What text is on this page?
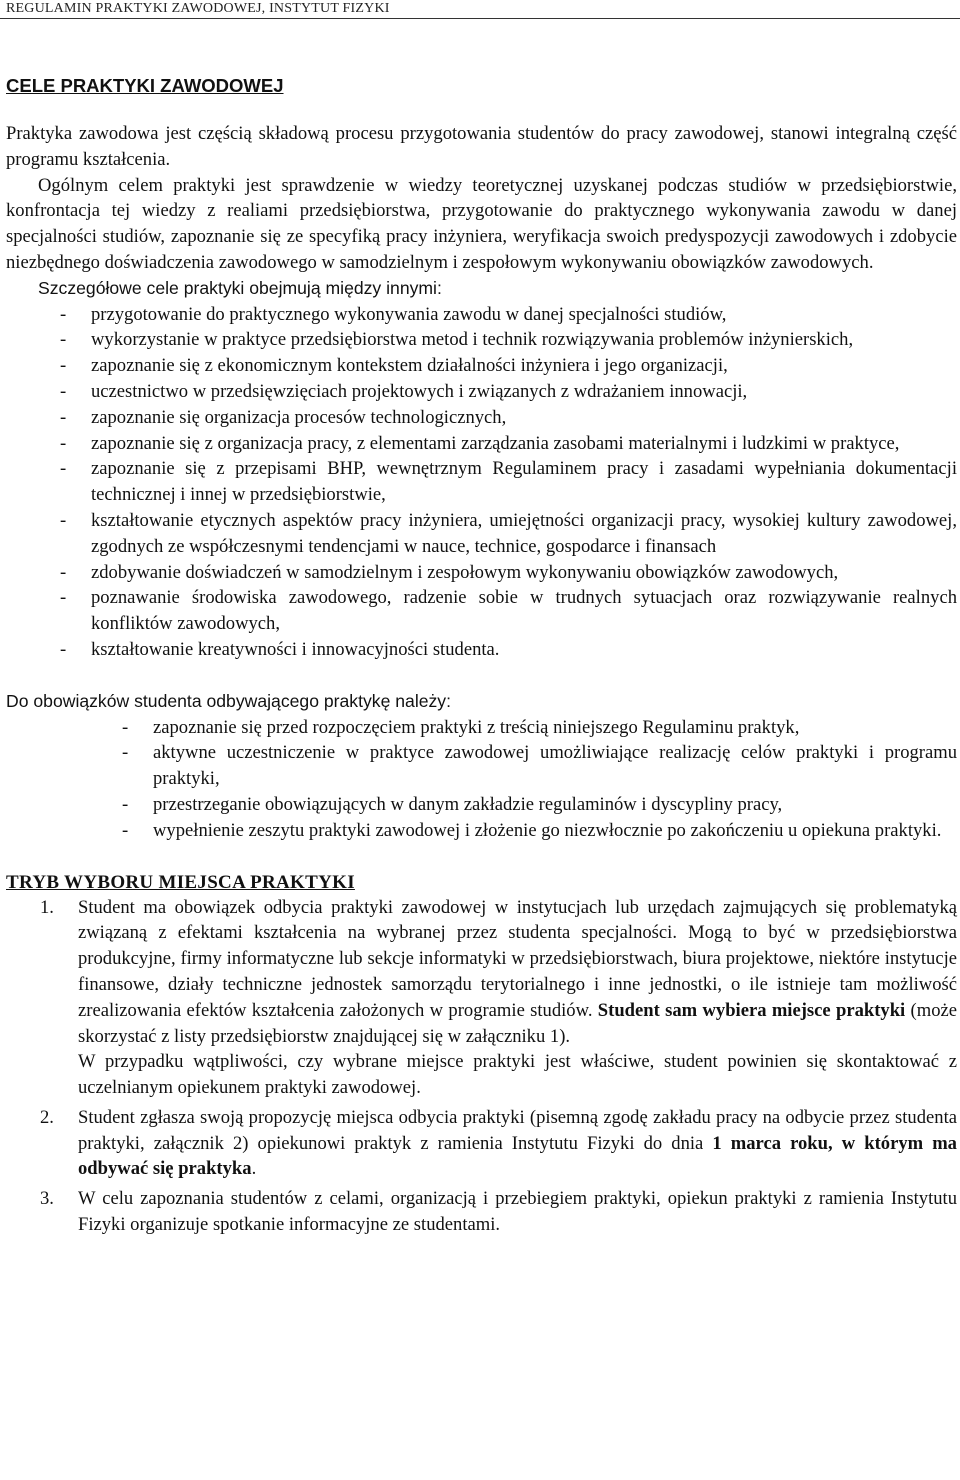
REGULAMIN PRAKTYKI ZAWODOWEJ, INSTYTUT FIZYKI
CELE PRAKTYKI ZAWODOWEJ

Praktyka zawodowa jest częścią składową procesu przygotowania studentów do pracy zawodowej, stanowi integralną część programu kształcenia.

Ogólnym celem praktyki jest sprawdzenie w wiedzy teoretycznej uzyskanej podczas studiów w przedsiębiorstwie, konfrontacja tej wiedzy z realiami przedsiębiorstwa, przygotowanie do praktycznego wykonywania zawodu w danej specjalności studiów, zapoznanie się ze specyfiką pracy inżyniera, weryfikacja swoich predyspozycji zawodowych i zdobycie niezbędnego doświadczenia zawodowego w samodzielnym i zespołowym wykonywaniu obowiązków zawodowych.

Szczegółowe cele praktyki obejmują między innymi:

- przygotowanie do praktycznego wykonywania zawodu w danej specjalności studiów,
- wykorzystanie w praktyce przedsiębiorstwa metod i technik rozwiązywania problemów inżynierskich,
- zapoznanie się z ekonomicznym kontekstem działalności inżyniera i jego organizacji,
- uczestnictwo w przedsięwzięciach projektowych i związanych z wdrażaniem innowacji,
- zapoznanie się organizacja procesów technologicznych,
- zapoznanie się z organizacja pracy, z elementami zarządzania zasobami materialnymi i ludzkimi w praktyce,
- zapoznanie się z przepisami BHP, wewnętrznym Regulaminem pracy i zasadami wypełniania dokumentacji technicznej i innej w przedsiębiorstwie,
- kształtowanie etycznych aspektów pracy inżyniera, umiejętności organizacji pracy, wysokiej kultury zawodowej, zgodnych ze współczesnymi tendencjami w nauce, technice, gospodarce i finansach
- zdobywanie doświadczeń w samodzielnym i zespołowym wykonywaniu obowiązków zawodowych,
- poznawanie środowiska zawodowego, radzenie sobie w trudnych sytuacjach oraz rozwiązywanie realnych konfliktów zawodowych,
- kształtowanie kreatywności i innowacyjności studenta.

Do obowiązków studenta odbywającego praktykę należy:

- zapoznanie się przed rozpoczęciem praktyki z treścią niniejszego Regulaminu praktyk,
- aktywne uczestniczenie w praktyce zawodowej umożliwiające realizację celów praktyki i programu praktyki,
- przestrzeganie obowiązujących w danym zakładzie regulaminów i dyscypliny pracy,
- wypełnienie zeszytu praktyki zawodowej i złożenie go niezwłocznie po zakończeniu u opiekuna praktyki.
TRYB WYBORU MIEJSCA PRAKTYKI
1. Student ma obowiązek odbycia praktyki zawodowej w instytucjach lub urzędach zajmujących się problematyką związaną z efektami kształcenia na wybranej przez studenta specjalności. Mogą to być w przedsiębiorstwa produkcyjne, firmy informatyczne lub sekcje informatyki w przedsiębiorstwach, biura projektowe, niektóre instytucje finansowe, działy techniczne jednostek samorządu terytorialnego i inne jednostki, o ile istnieje tam możliwość zrealizowania efektów kształcenia założonych w programie studiów. Student sam wybiera miejsce praktyki (może skorzystać z listy przedsiębiorstw znajdującej się w załączniku 1).
W przypadku wątpliwości, czy wybrane miejsce praktyki jest właściwe, student powinien się skontaktować z uczelnianym opiekunem praktyki zawodowej.
2. Student zgłasza swoją propozycję miejsca odbycia praktyki (pisemną zgodę zakładu pracy na odbycie przez studenta praktyki, załącznik 2) opiekunowi praktyk z ramienia Instytutu Fizyki do dnia 1 marca roku, w którym ma odbywać się praktyka.
3. W celu zapoznania studentów z celami, organizacją i przebiegiem praktyki, opiekun praktyki z ramienia Instytutu Fizyki organizuje spotkanie informacyjne ze studentami.
